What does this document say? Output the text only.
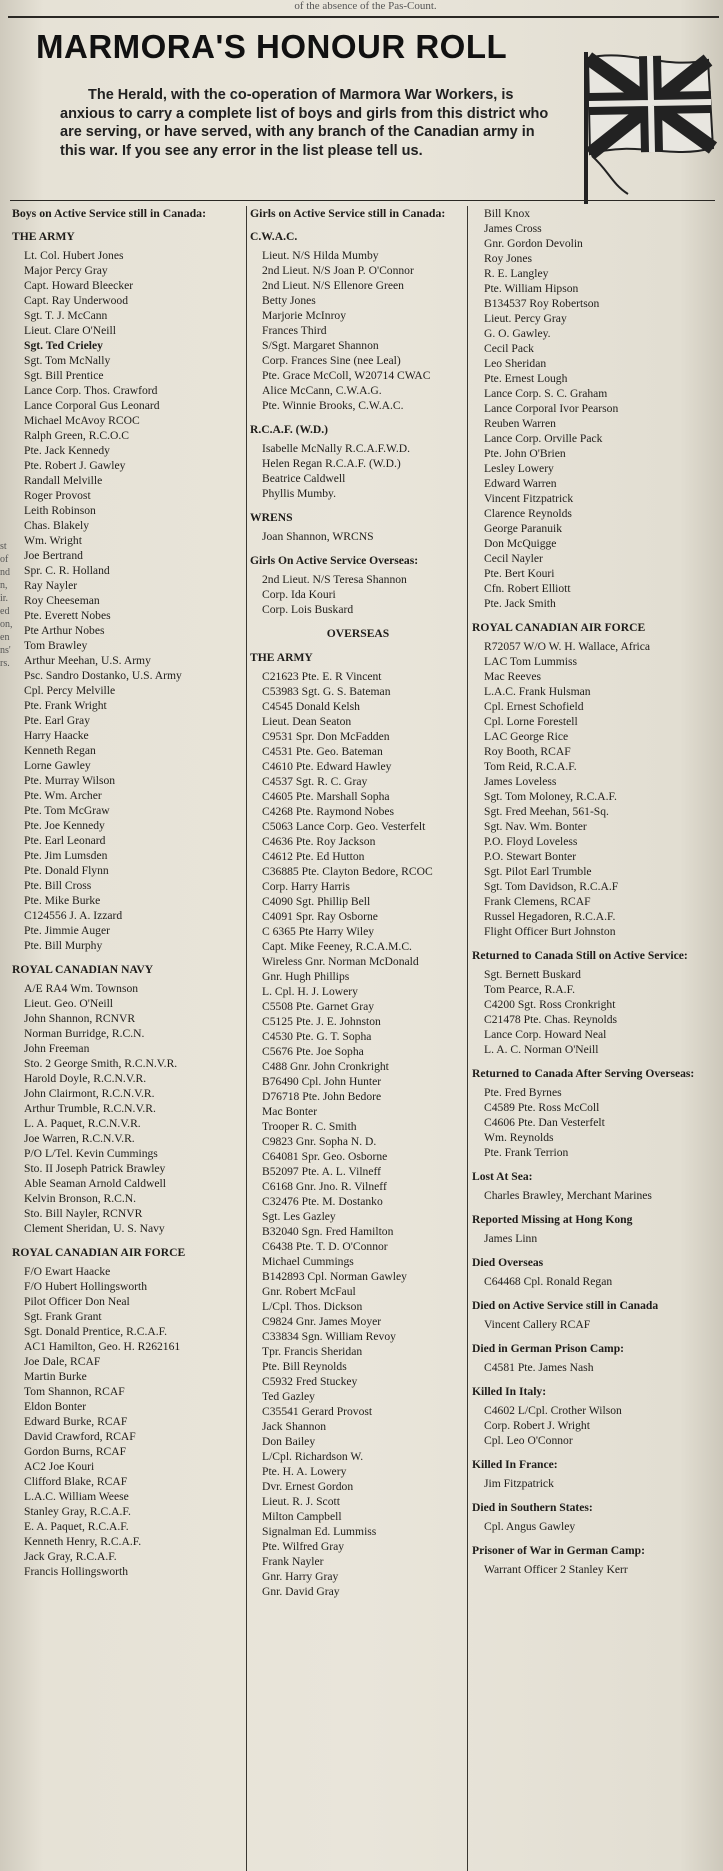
of the absence of the Pas-Count.
st
of
nd
n,
ir.
ed
on,
en
ns'
rs.
MARMORA'S HONOUR ROLL
The Herald, with the co-operation of Marmora War Workers, is anxious to carry a complete list of boys and girls from this district who are serving, or have served, with any branch of the Canadian army in this war. If you see any error in the list please tell us.
Boys on Active Service still in Canada:
THE ARMY
Lt. Col. Hubert Jones
Major Percy Gray
Capt. Howard Bleecker
Capt. Ray Underwood
Sgt. T. J. McCann
Lieut. Clare O'Neill
Sgt. Ted Crieley
Sgt. Tom McNally
Sgt. Bill Prentice
Lance Corp. Thos. Crawford
Lance Corporal Gus Leonard
Michael McAvoy RCOC
Ralph Green, R.C.O.C
Pte. Jack Kennedy
Pte. Robert J. Gawley
Randall Melville
Roger Provost
Leith Robinson
Chas. Blakely
Wm. Wright
Joe Bertrand
Spr. C. R. Holland
Ray Nayler
Roy Cheeseman
Pte. Everett Nobes
Pte Arthur Nobes
Tom Brawley
Arthur Meehan, U.S. Army
Psc. Sandro Dostanko, U.S. Army
Cpl. Percy Melville
Pte. Frank Wright
Pte. Earl Gray
Harry Haacke
Kenneth Regan
Lorne Gawley
Pte. Murray Wilson
Pte. Wm. Archer
Pte. Tom McGraw
Pte. Joe Kennedy
Pte. Earl Leonard
Pte. Jim Lumsden
Pte. Donald Flynn
Pte. Bill Cross
Pte. Mike Burke
C124556 J. A. Izzard
Pte. Jimmie Auger
Pte. Bill Murphy
ROYAL CANADIAN NAVY
A/E RA4 Wm. Townson
Lieut. Geo. O'Neill
John Shannon, RCNVR
Norman Burridge, R.C.N.
John Freeman
Sto. 2 George Smith, R.C.N.V.R.
Harold Doyle, R.C.N.V.R.
John Clairmont, R.C.N.V.R.
Arthur Trumble, R.C.N.V.R.
L. A. Paquet, R.C.N.V.R.
Joe Warren, R.C.N.V.R.
P/O L/Tel. Kevin Cummings
Sto. II Joseph Patrick Brawley
Able Seaman Arnold Caldwell
Kelvin Bronson, R.C.N.
Sto. Bill Nayler, RCNVR
Clement Sheridan, U. S. Navy
ROYAL CANADIAN AIR FORCE
F/O Ewart Haacke
F/O Hubert Hollingsworth
Pilot Officer Don Neal
Sgt. Frank Grant
Sgt. Donald Prentice, R.C.A.F.
AC1 Hamilton, Geo. H. R262161
Joe Dale, RCAF
Martin Burke
Tom Shannon, RCAF
Eldon Bonter
Edward Burke, RCAF
David Crawford, RCAF
Gordon Burns, RCAF
AC2 Joe Kouri
Clifford Blake, RCAF
L.A.C. William Weese
Stanley Gray, R.C.A.F.
E. A. Paquet, R.C.A.F.
Kenneth Henry, R.C.A.F.
Jack Gray, R.C.A.F.
Francis Hollingsworth
Girls on Active Service still in Canada:
C.W.A.C.
Lieut. N/S Hilda Mumby
2nd Lieut. N/S Joan P. O'Connor
2nd Lieut. N/S Ellenore Green
Betty Jones
Marjorie McInroy
Frances Third
S/Sgt. Margaret Shannon
Corp. Frances Sine (nee Leal)
Pte. Grace McColl, W20714 CWAC
Alice McCann, C.W.A.G.
Pte. Winnie Brooks, C.W.A.C.
R.C.A.F. (W.D.)
Isabelle McNally R.C.A.F.W.D.
Helen Regan R.C.A.F. (W.D.)
Beatrice Caldwell
Phyllis Mumby.
WRENS
Joan Shannon, WRCNS
Girls On Active Service Overseas:
2nd Lieut. N/S Teresa Shannon
Corp. Ida Kouri
Corp. Lois Buskard
OVERSEAS
THE ARMY
C21623 Pte. E. R Vincent
C53983 Sgt. G. S. Bateman
C4545 Donald Kelsh
Lieut. Dean Seaton
C9531 Spr. Don McFadden
C4531 Pte. Geo. Bateman
C4610 Pte. Edward Hawley
C4537 Sgt. R. C. Gray
C4605 Pte. Marshall Sopha
C4268 Pte. Raymond Nobes
C5063 Lance Corp. Geo. Vesterfelt
C4636 Pte. Roy Jackson
C4612 Pte. Ed Hutton
C36885 Pte. Clayton Bedore, RCOC
Corp. Harry Harris
C4090 Sgt. Phillip Bell
C4091 Spr. Ray Osborne
C 6365 Pte Harry Wiley
Capt. Mike Feeney, R.C.A.M.C.
Wireless Gnr. Norman McDonald
Gnr. Hugh Phillips
L. Cpl. H. J. Lowery
C5508 Pte. Garnet Gray
C5125 Pte. J. E. Johnston
C4530 Pte. G. T. Sopha
C5676 Pte. Joe Sopha
C488 Gnr. John Cronkright
B76490 Cpl. John Hunter
D76718 Pte. John Bedore
Mac Bonter
Trooper R. C. Smith
C9823 Gnr. Sopha N. D.
C64081 Spr. Geo. Osborne
B52097 Pte. A. L. Vilneff
C6168 Gnr. Jno. R. Vilneff
C32476 Pte. M. Dostanko
Sgt. Les Gazley
B32040 Sgn. Fred Hamilton
C6438 Pte. T. D. O'Connor
Michael Cummings
B142893 Cpl. Norman Gawley
Gnr. Robert McFaul
L/Cpl. Thos. Dickson
C9824 Gnr. James Moyer
C33834 Sgn. William Revoy
Tpr. Francis Sheridan
Pte. Bill Reynolds
C5932 Fred Stuckey
Ted Gazley
C35541 Gerard Provost
Jack Shannon
Don Bailey
L/Cpl. Richardson W.
Pte. H. A. Lowery
Dvr. Ernest Gordon
Lieut. R. J. Scott
Milton Campbell
Signalman Ed. Lummiss
Pte. Wilfred Gray
Frank Nayler
Gnr. Harry Gray
Gnr. David Gray
Bill Knox
James Cross
Gnr. Gordon Devolin
Roy Jones
R. E. Langley
Pte. William Hipson
B134537 Roy Robertson
Lieut. Percy Gray
G. O. Gawley.
Cecil Pack
Leo Sheridan
Pte. Ernest Lough
Lance Corp. S. C. Graham
Lance Corporal Ivor Pearson
Reuben Warren
Lance Corp. Orville Pack
Pte. John O'Brien
Lesley Lowery
Edward Warren
Vincent Fitzpatrick
Clarence Reynolds
George Paranuik
Don McQuigge
Cecil Nayler
Pte. Bert Kouri
Cfn. Robert Elliott
Pte. Jack Smith
ROYAL CANADIAN AIR FORCE
R72057 W/O W. H. Wallace, Africa
LAC Tom Lummiss
Mac Reeves
L.A.C. Frank Hulsman
Cpl. Ernest Schofield
Cpl. Lorne Forestell
LAC George Rice
Roy Booth, RCAF
Tom Reid, R.C.A.F.
James Loveless
Sgt. Tom Moloney, R.C.A.F.
Sgt. Fred Meehan, 561-Sq.
Sgt. Nav. Wm. Bonter
P.O. Floyd Loveless
P.O. Stewart Bonter
Sgt. Pilot Earl Trumble
Sgt. Tom Davidson, R.C.A.F
Frank Clemens, RCAF
Russel Hegadoren, R.C.A.F.
Flight Officer Burt Johnston
Returned to Canada Still on Active Service:
Sgt. Bernett Buskard
Tom Pearce, R.A.F.
C4200 Sgt. Ross Cronkright
C21478 Pte. Chas. Reynolds
Lance Corp. Howard Neal
L. A. C. Norman O'Neill
Returned to Canada After Serving Overseas:
Pte. Fred Byrnes
C4589 Pte. Ross McColl
C4606 Pte. Dan Vesterfelt
Wm. Reynolds
Pte. Frank Terrion
Lost At Sea:
Charles Brawley, Merchant Marines
Reported Missing at Hong Kong
James Linn
Died Overseas
C64468 Cpl. Ronald Regan
Died on Active Service still in Canada
Vincent Callery RCAF
Died in German Prison Camp:
C4581 Pte. James Nash
Killed In Italy:
C4602 L/Cpl. Crother Wilson
Corp. Robert J. Wright
Cpl. Leo O'Connor
Killed In France:
Jim Fitzpatrick
Died in Southern States:
Cpl. Angus Gawley
Prisoner of War in German Camp:
Warrant Officer 2 Stanley Kerr
